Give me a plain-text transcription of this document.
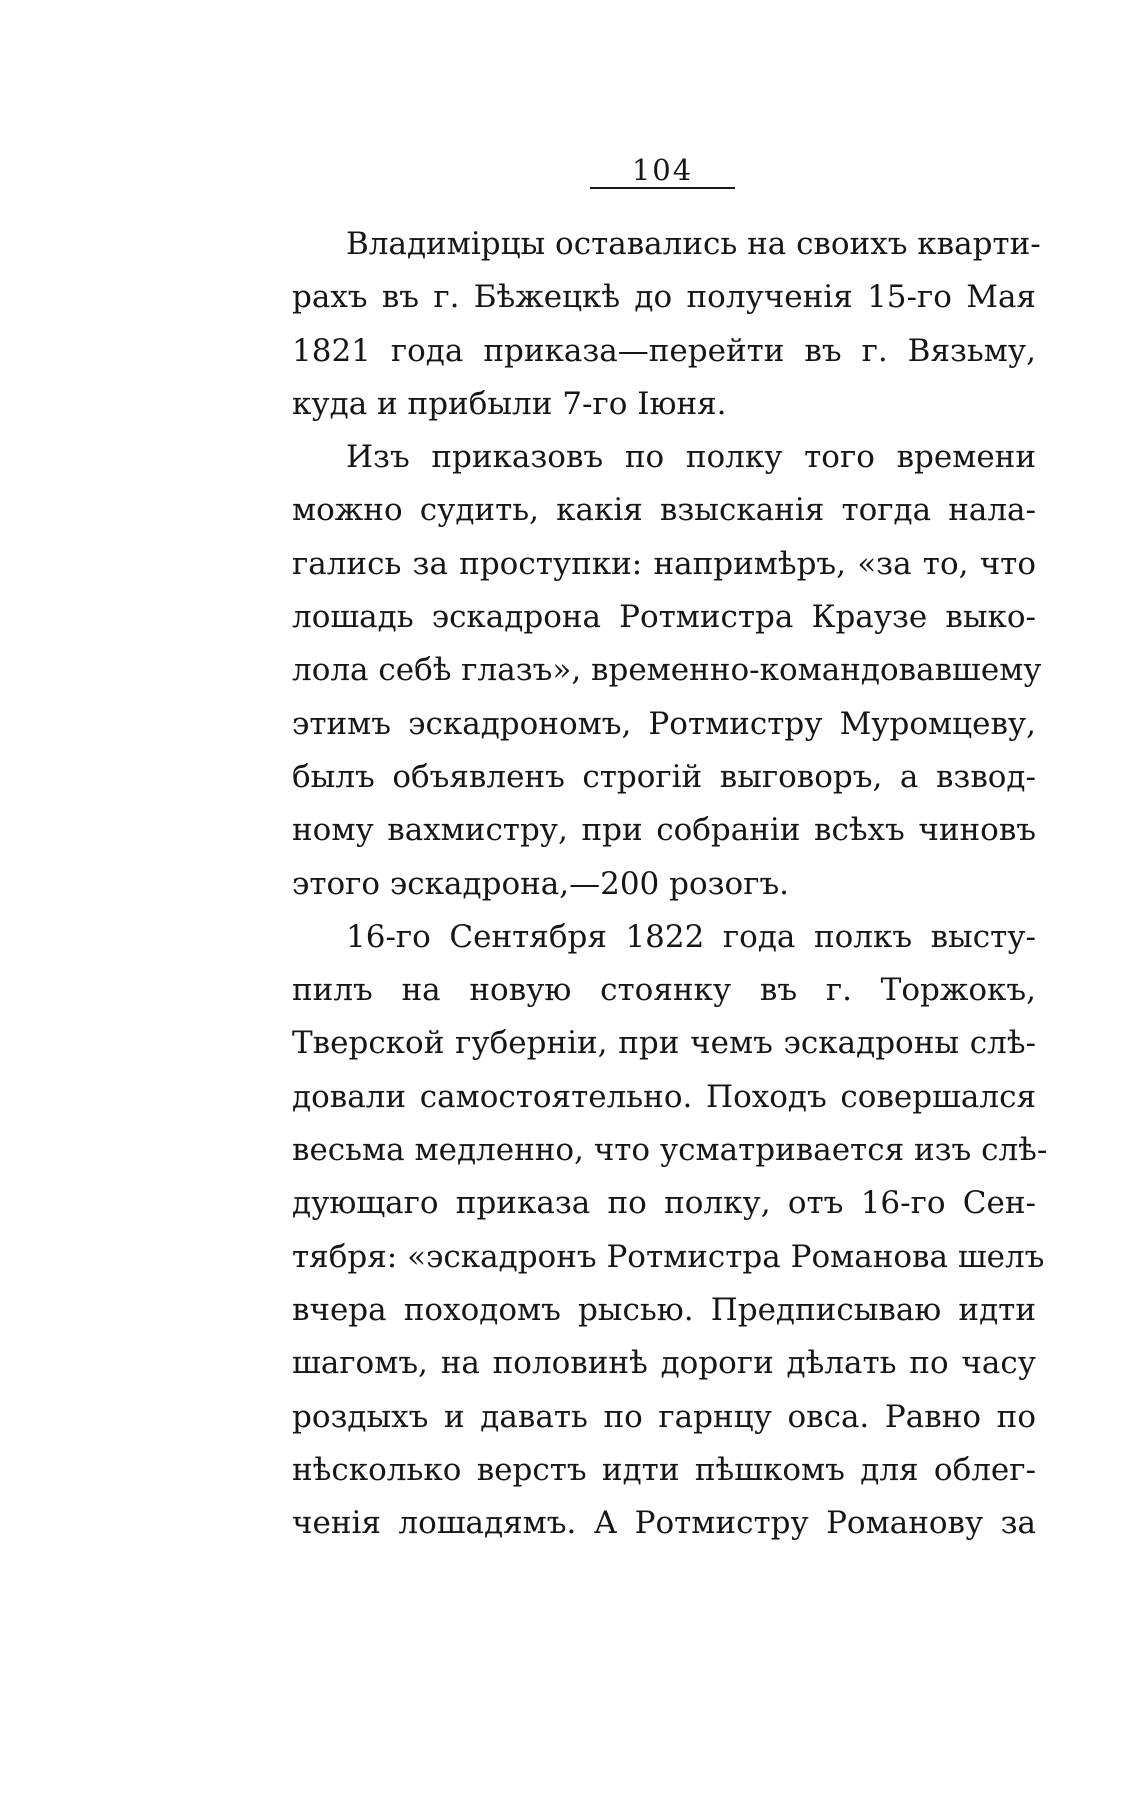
104
Владимірцы оставались на своихъ кварти-
рахъ въ г. Бѣжецкѣ до полученія 15-го Мая
1821 года приказа—перейти въ г. Вязьму,
куда и прибыли 7-го Іюня.
Изъ приказовъ по полку того времени
можно судить, какія взысканія тогда нала-
гались за проступки: напримѣръ, «за то, что
лошадь эскадрона Ротмистра Краузе выко-
лола себѣ глазъ», временно-командовавшему
этимъ эскадрономъ, Ротмистру Муромцеву,
былъ объявленъ строгій выговоръ, а взвод-
ному вахмистру, при собраніи всѣхъ чиновъ
этого эскадрона,—200 розогъ.
16-го Сентября 1822 года полкъ высту-
пилъ на новую стоянку въ г. Торжокъ,
Тверской губерніи, при чемъ эскадроны слѣ-
довали самостоятельно. Походъ совершался
весьма медленно, что усматривается изъ слѣ-
дующаго приказа по полку, отъ 16-го Сен-
тября: «эскадронъ Ротмистра Романова шелъ
вчера походомъ рысью. Предписываю идти
шагомъ, на половинѣ дороги дѣлать по часу
роздыхъ и давать по гарнцу овса. Равно по
нѣсколько верстъ идти пѣшкомъ для облег-
ченія лошадямъ. А Ротмистру Романову за
